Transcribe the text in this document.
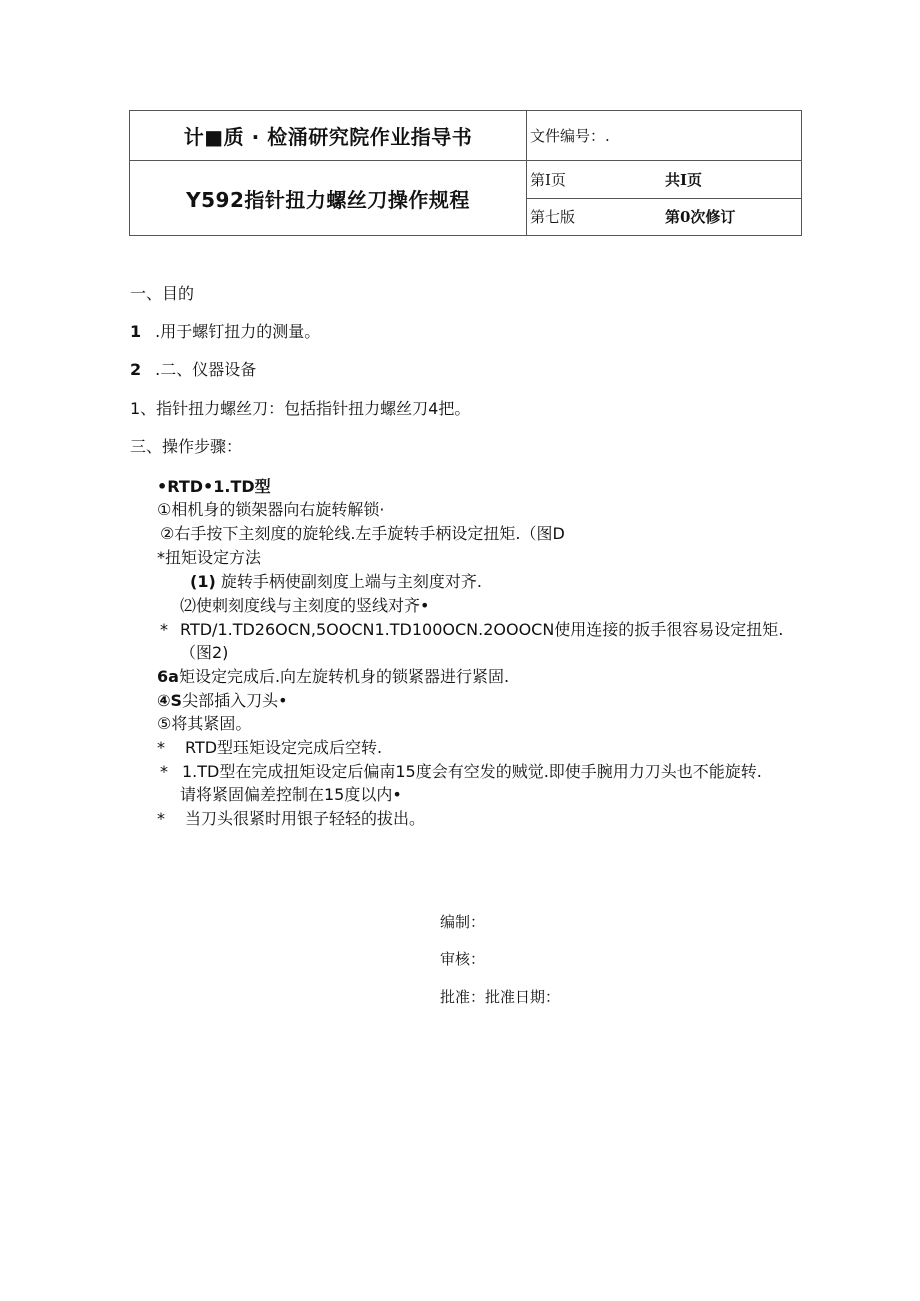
计■质 · 检涌研究院作业指导书	文件编号：.
Y592指针扭力螺丝刀操作规程	第I页 共I页

	第七版 第0次修订
一、目的
1 .用于螺钉扭力的测量。
2 .二、仪器设备
1、指针扭力螺丝刀：包括指针扭力螺丝刀4把。
三、操作步骤：
•RTD•1.TD型
①相机身的锁架器向右旋转解锁·
②右手按下主刻度的旋轮线.左手旋转手柄设定扭矩.（图D
*扭矩设定方法
(1) 旋转手柄使副刻度上端与主刻度对齐.
⑵使刺刻度线与主刻度的竖线对齐•
* RTD/1.TD26OCN,5OOCN1.TD100OCN.2OOOCN使用连接的扳手很容易设定扭矩.
（图2)
6a矩设定完成后.向左旋转机身的锁紧器进行紧固.
④S尖部插入刀头•
⑤将其紧固。
* RTD型珏矩设定完成后空转.
* 1.TD型在完成扭矩设定后偏南15度会有空发的贼觉.即使手腕用力刀头也不能旋转.
请将紧固偏差控制在15度以内•
* 当刀头很紧时用银子轻轻的拔出。
编制：
审核：
批准：批准日期：
